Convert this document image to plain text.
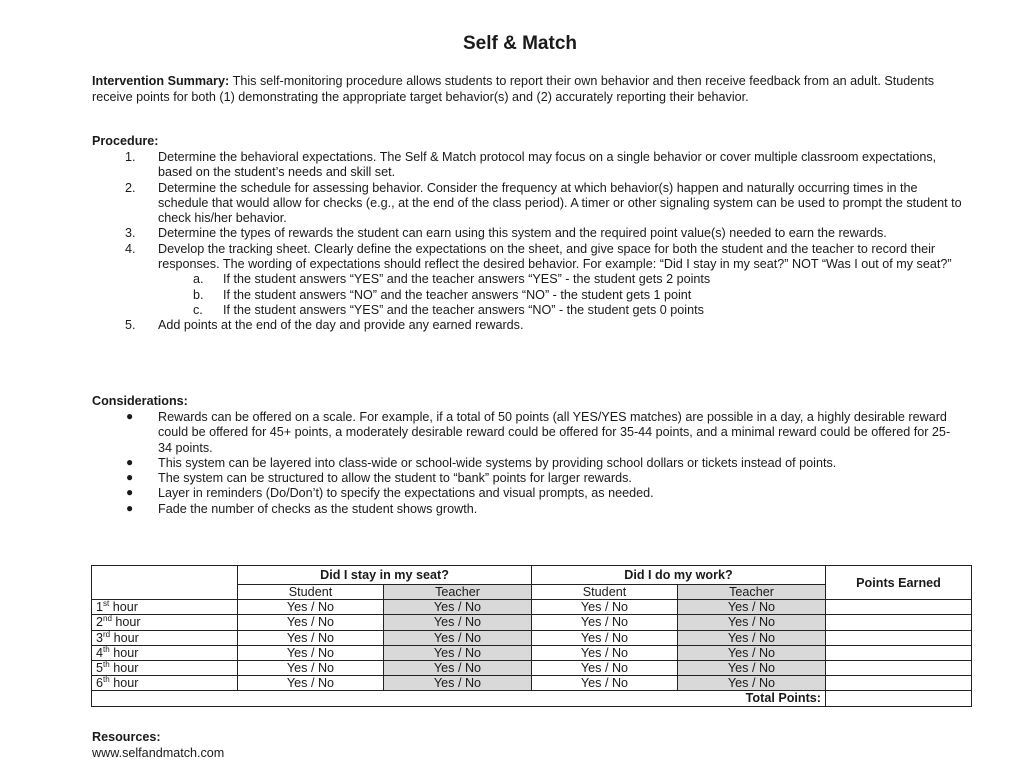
Self & Match
Intervention Summary: This self-monitoring procedure allows students to report their own behavior and then receive feedback from an adult. Students receive points for both (1) demonstrating the appropriate target behavior(s) and (2) accurately reporting their behavior.
Procedure:
1. Determine the behavioral expectations. The Self & Match protocol may focus on a single behavior or cover multiple classroom expectations, based on the student’s needs and skill set.
2. Determine the schedule for assessing behavior. Consider the frequency at which behavior(s) happen and naturally occurring times in the schedule that would allow for checks (e.g., at the end of the class period). A timer or other signaling system can be used to prompt the student to check his/her behavior.
3. Determine the types of rewards the student can earn using this system and the required point value(s) needed to earn the rewards.
4. Develop the tracking sheet. Clearly define the expectations on the sheet, and give space for both the student and the teacher to record their responses. The wording of expectations should reflect the desired behavior. For example: “Did I stay in my seat?” NOT “Was I out of my seat?”
a. If the student answers “YES” and the teacher answers “YES” - the student gets 2 points
b. If the student answers “NO” and the teacher answers “NO” - the student gets 1 point
c. If the student answers “YES” and the teacher answers “NO” - the student gets 0 points
5. Add points at the end of the day and provide any earned rewards.
Considerations:
● Rewards can be offered on a scale. For example, if a total of 50 points (all YES/YES matches) are possible in a day, a highly desirable reward could be offered for 45+ points, a moderately desirable reward could be offered for 35-44 points, and a minimal reward could be offered for 25-34 points.
● This system can be layered into class-wide or school-wide systems by providing school dollars or tickets instead of points.
● The system can be structured to allow the student to “bank” points for larger rewards.
● Layer in reminders (Do/Don’t) to specify the expectations and visual prompts, as needed.
● Fade the number of checks as the student shows growth.
	Did I stay in my seat?		Did I do my work?		Points Earned
	Student	Teacher	Student	Teacher	
1st hour	Yes / No	Yes / No	Yes / No	Yes / No	
2nd hour	Yes / No	Yes / No	Yes / No	Yes / No	
3rd hour	Yes / No	Yes / No	Yes / No	Yes / No	
4th hour	Yes / No	Yes / No	Yes / No	Yes / No	
5th hour	Yes / No	Yes / No	Yes / No	Yes / No	
6th hour	Yes / No	Yes / No	Yes / No	Yes / No	
Total Points:					
Resources:
www.selfandmatch.com
